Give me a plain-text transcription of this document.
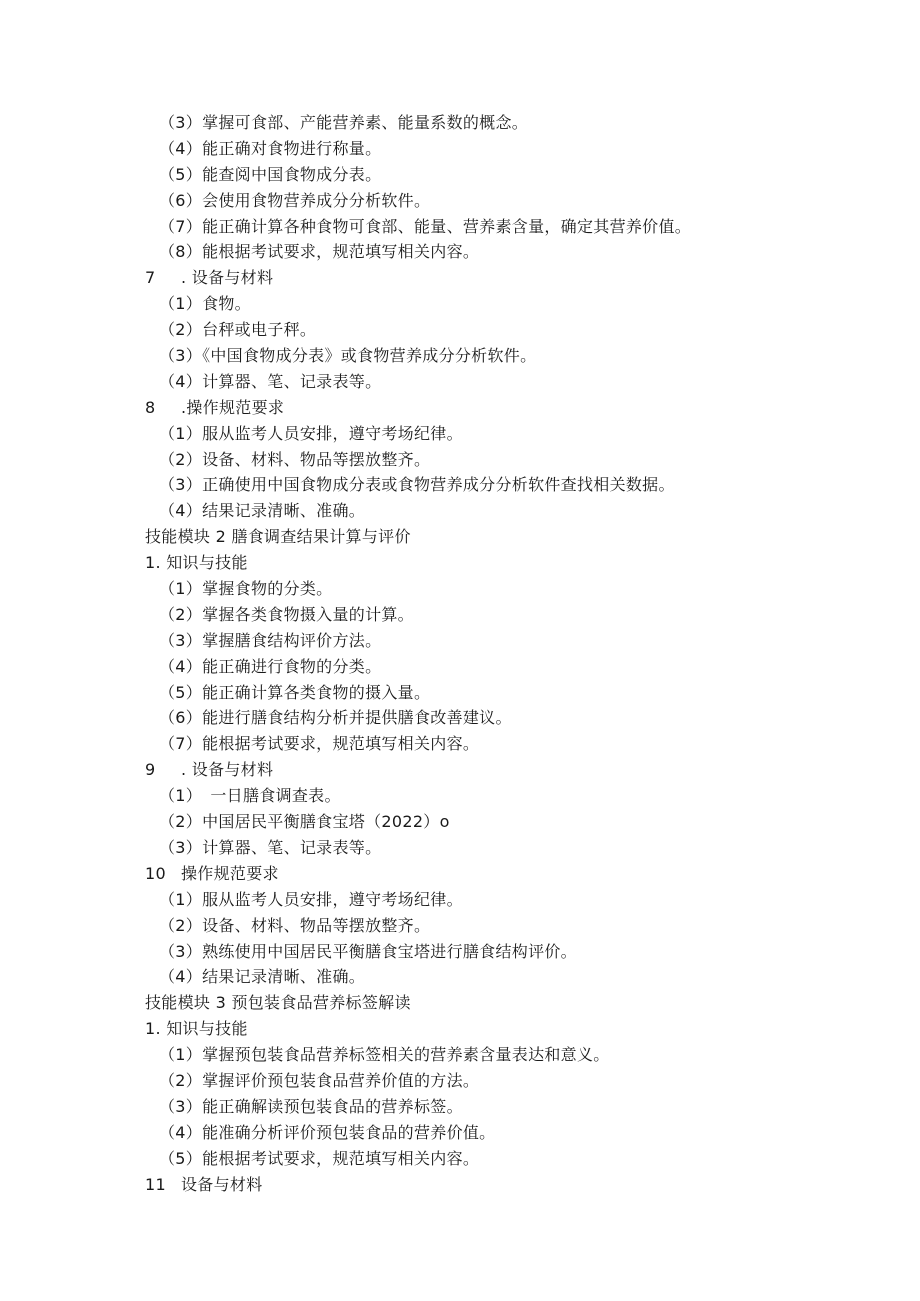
（3）掌握可食部、产能营养素、能量系数的概念。
（4）能正确对食物进行称量。
（5）能查阅中国食物成分表。
（6）会使用食物营养成分分析软件。
（7）能正确计算各种食物可食部、能量、营养素含量，确定其营养价值。
（8）能根据考试要求，规范填写相关内容。
7 . 设备与材料
（1）食物。
（2）台秤或电子秤。
（3）《中国食物成分表》或食物营养成分分析软件。
（4）计算器、笔、记录表等。
8 .操作规范要求
（1）服从监考人员安排，遵守考场纪律。
（2）设备、材料、物品等摆放整齐。
（3）正确使用中国食物成分表或食物营养成分分析软件查找相关数据。
（4）结果记录清晰、准确。
技能模块 2 膳食调查结果计算与评价
1. 知识与技能
（1）掌握食物的分类。
（2）掌握各类食物摄入量的计算。
（3）掌握膳食结构评价方法。
（4）能正确进行食物的分类。
（5）能正确计算各类食物的摄入量。
（6）能进行膳食结构分析并提供膳食改善建议。
（7）能根据考试要求，规范填写相关内容。
9 . 设备与材料
（1）　一日膳食调查表。
（2）中国居民平衡膳食宝塔（2022）o
（3）计算器、笔、记录表等。
10 操作规范要求
（1）服从监考人员安排，遵守考场纪律。
（2）设备、材料、物品等摆放整齐。
（3）熟练使用中国居民平衡膳食宝塔进行膳食结构评价。
（4）结果记录清晰、准确。
技能模块 3 预包装食品营养标签解读
1. 知识与技能
（1）掌握预包装食品营养标签相关的营养素含量表达和意义。
（2）掌握评价预包装食品营养价值的方法。
（3）能正确解读预包装食品的营养标签。
（4）能准确分析评价预包装食品的营养价值。
（5）能根据考试要求，规范填写相关内容。
11 设备与材料
